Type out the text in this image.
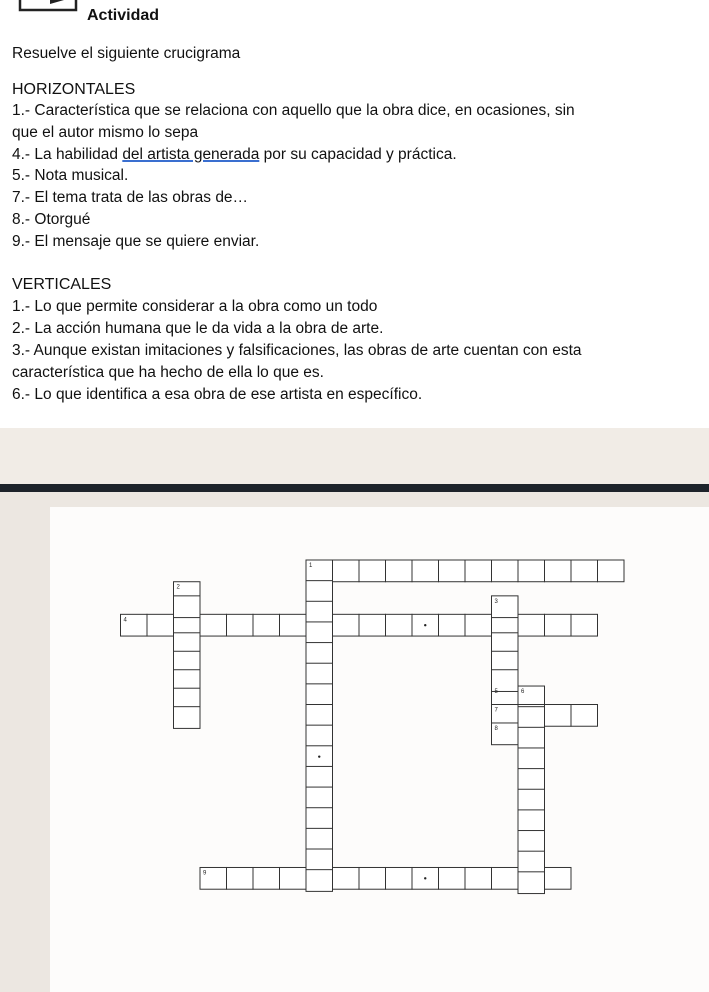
Actividad
Resuelve el siguiente crucigrama
HORIZONTALES
1.- Característica que se relaciona con aquello que la obra dice, en ocasiones, sin
que el autor mismo lo sepa
4.- La habilidad del artista generada por su capacidad y práctica.
5.- Nota musical.
7.- El tema trata de las obras de…
8.- Otorgué
9.- El mensaje que se quiere enviar.
VERTICALES
1.- Lo que permite considerar a la obra como un todo
2.- La acción humana que le da vida a la obra de arte.
3.- Aunque existan imitaciones y falsificaciones, las obras de arte cuentan con esta
característica que ha hecho de ella lo que es.
6.- Lo que identifica a esa obra de ese artista en específico.
1
2
3
4
5	6
7
8
9
